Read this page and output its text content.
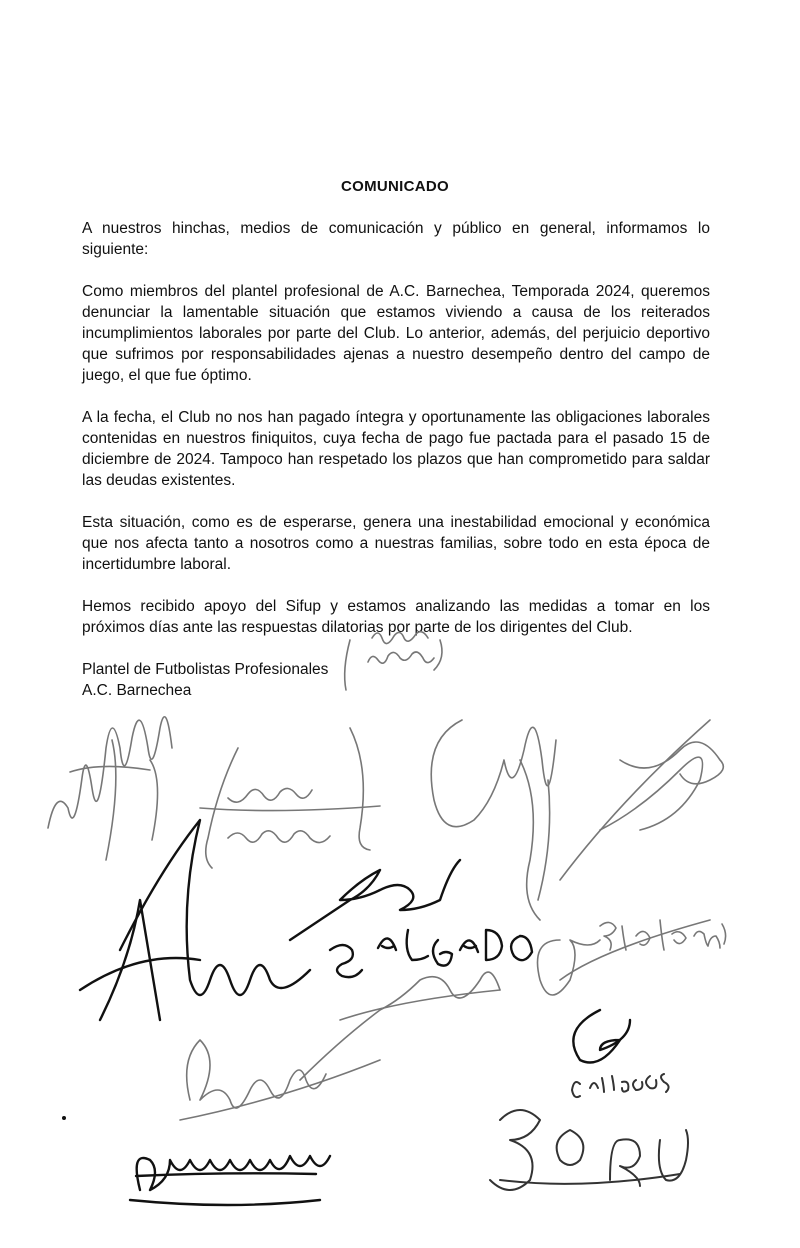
COMUNICADO

A nuestros hinchas, medios de comunicación y público en general, informamos lo siguiente:

Como miembros del plantel profesional de A.C. Barnechea, Temporada 2024, queremos denunciar la lamentable situación que estamos viviendo a causa de los reiterados incumplimientos laborales por parte del Club. Lo anterior, además, del perjuicio deportivo que sufrimos por responsabilidades ajenas a nuestro desempeño dentro del campo de juego, el que fue óptimo.

A la fecha, el Club no nos han pagado íntegra y oportunamente las obligaciones laborales contenidas en nuestros finiquitos, cuya fecha de pago fue pactada para el pasado 15 de diciembre de 2024. Tampoco han respetado los plazos que han comprometido para saldar las deudas existentes.

Esta situación, como es de esperarse, genera una inestabilidad emocional y económica que nos afecta tanto a nosotros como a nuestras familias, sobre todo en esta época de incertidumbre laboral.

Hemos recibido apoyo del Sifup y estamos analizando las medidas a tomar en los próximos días ante las respuestas dilatorias por parte de los dirigentes del Club.

Plantel de Futbolistas Profesionales
A.C. Barnechea
